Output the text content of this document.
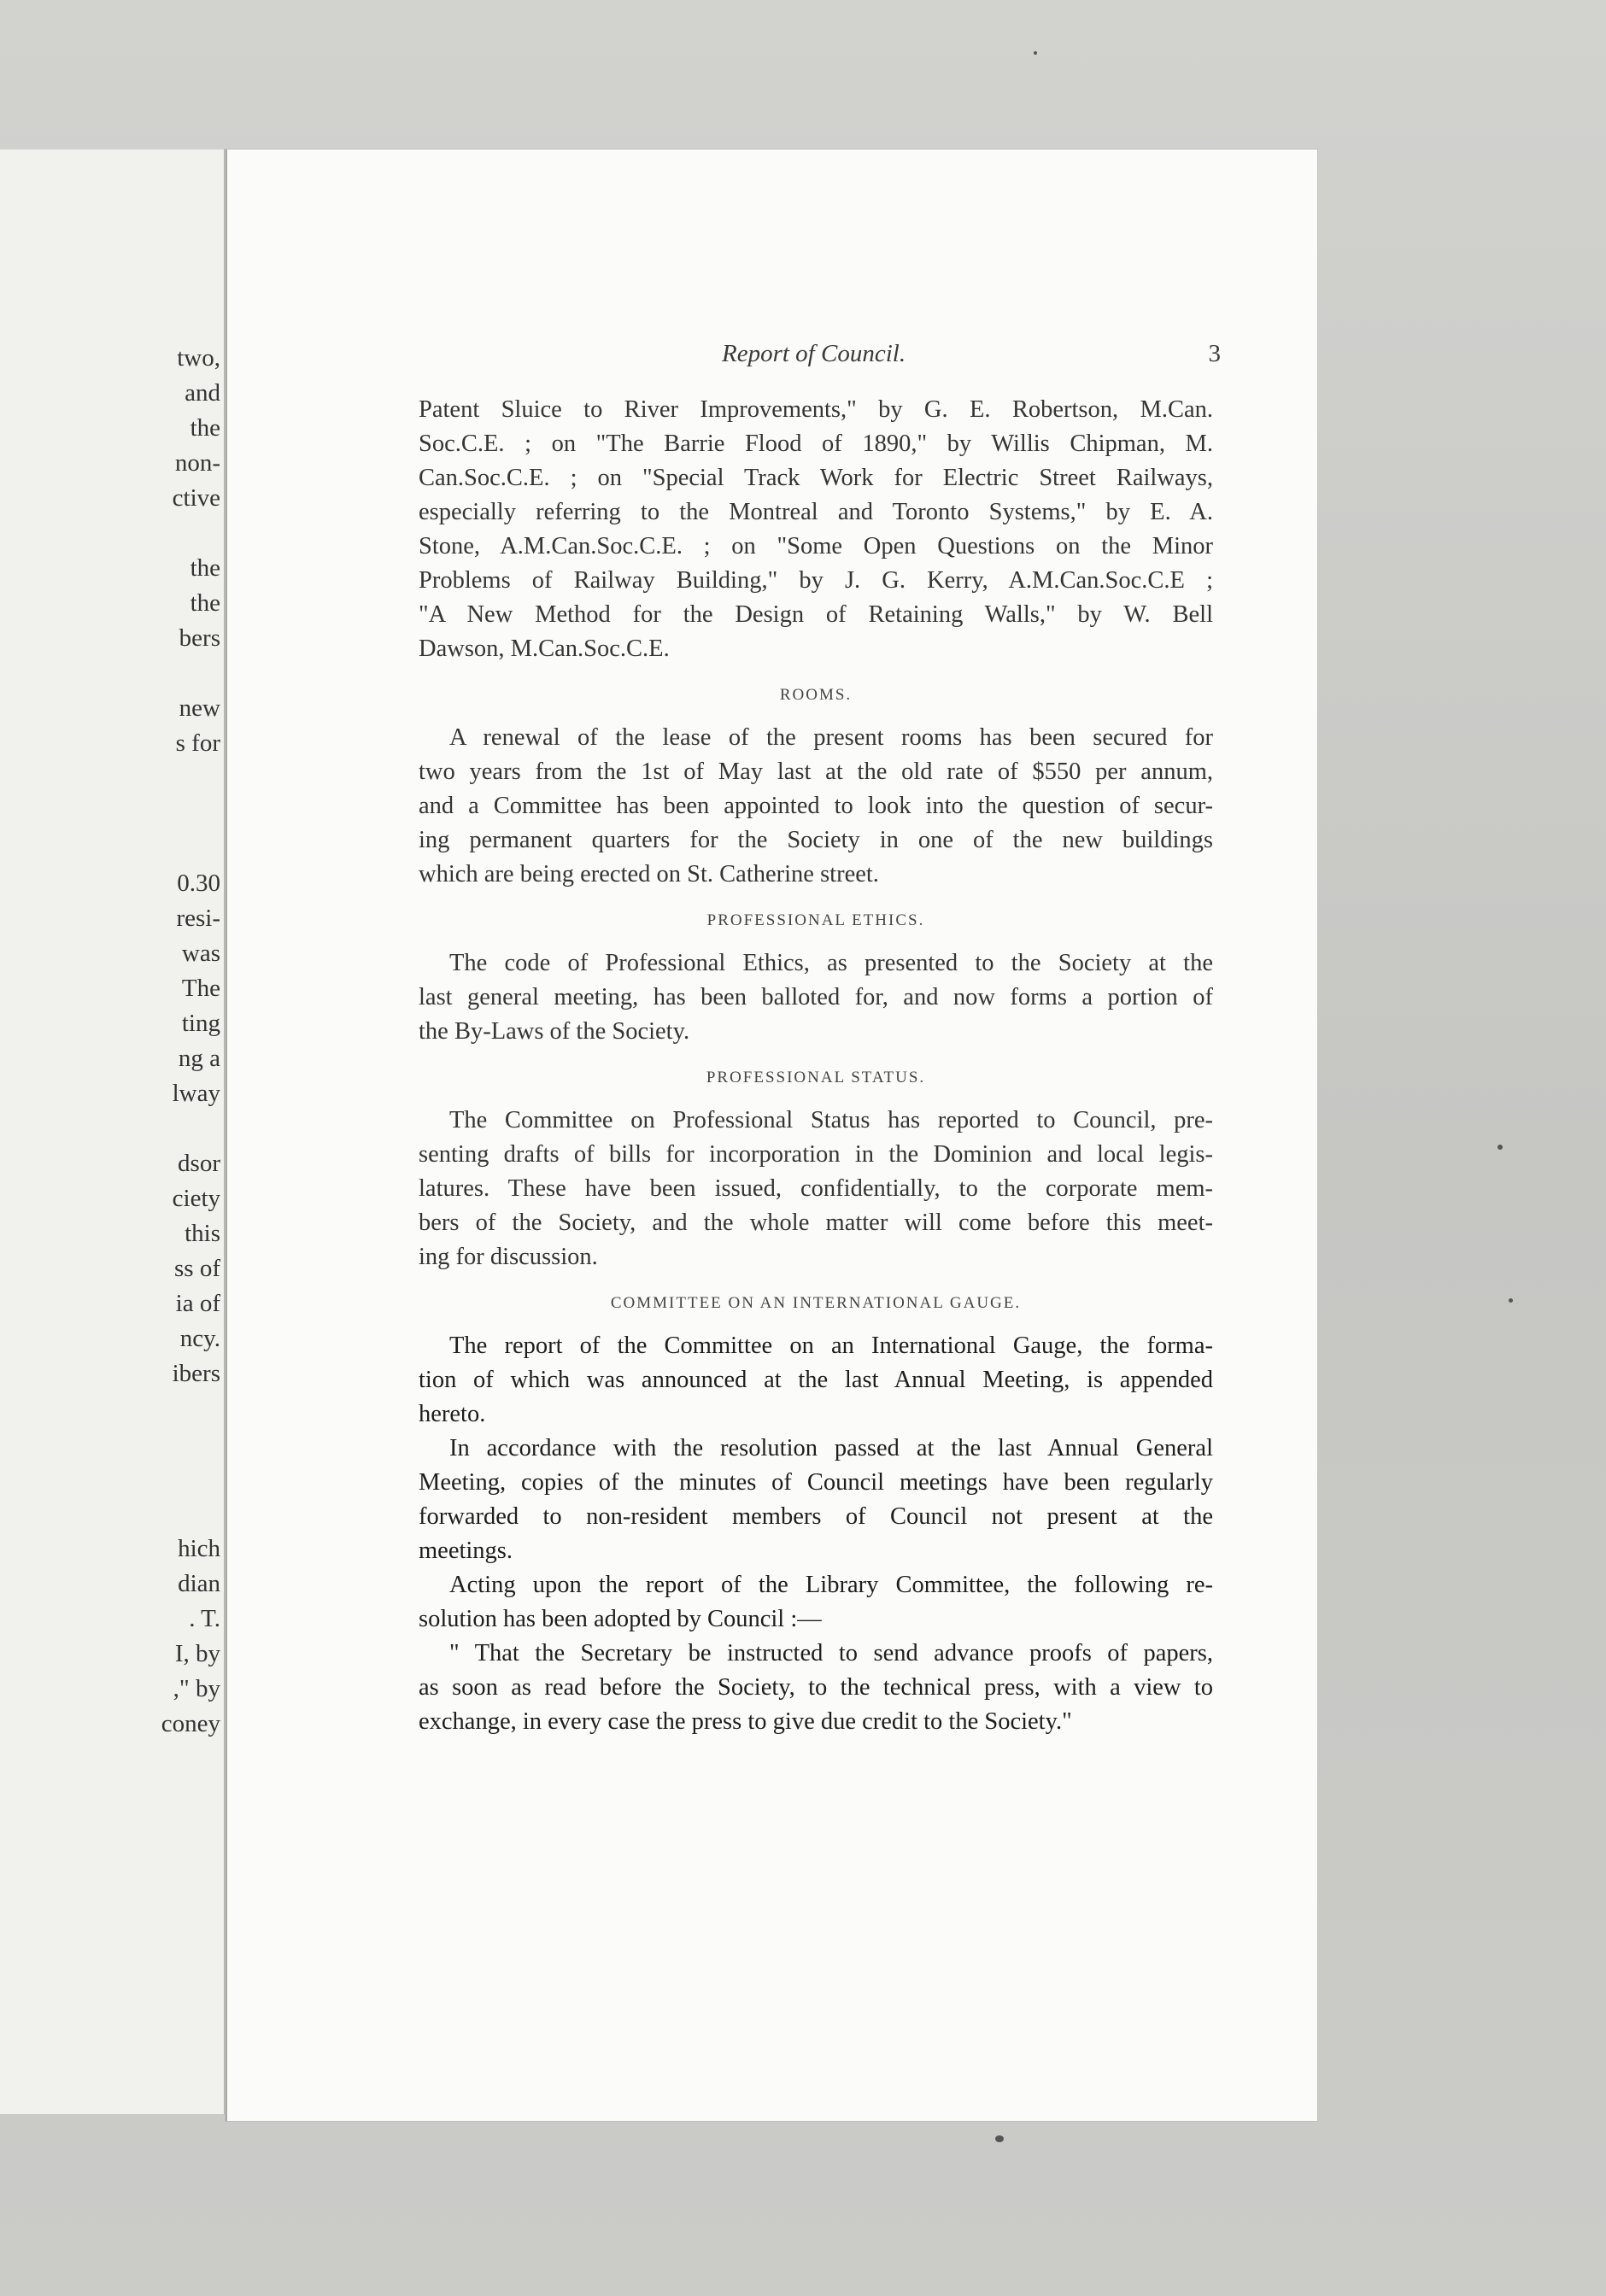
two,
and
the
non-
ctive
the
the
bers
new
s for
0.30
resi-
was
The
ting
ng a
lway
dsor
ciety
this
ss of
ia of
ncy.
ibers
hich
dian
. T.
I, by
," by
coney
Report of Council.	3
Patent Sluice to River Improvements," by G. E. Robertson, M.Can.
Soc.C.E. ; on "The Barrie Flood of 1890," by Willis Chipman, M.
Can.Soc.C.E. ; on "Special Track Work for Electric Street Railways,
especially referring to the Montreal and Toronto Systems," by E. A.
Stone, A.M.Can.Soc.C.E. ; on "Some Open Questions on the Minor
Problems of Railway Building," by J. G. Kerry, A.M.Can.Soc.C.E ;
"A New Method for the Design of Retaining Walls," by W. Bell
Dawson, M.Can.Soc.C.E.
ROOMS.
A renewal of the lease of the present rooms has been secured for
two years from the 1st of May last at the old rate of $550 per annum,
and a Committee has been appointed to look into the question of secur-
ing permanent quarters for the Society in one of the new buildings
which are being erected on St. Catherine street.
PROFESSIONAL ETHICS.
The code of Professional Ethics, as presented to the Society at the
last general meeting, has been balloted for, and now forms a portion of
the By-Laws of the Society.
PROFESSIONAL STATUS.
The Committee on Professional Status has reported to Council, pre-
senting drafts of bills for incorporation in the Dominion and local legis-
latures. These have been issued, confidentially, to the corporate mem-
bers of the Society, and the whole matter will come before this meet-
ing for discussion.
COMMITTEE ON AN INTERNATIONAL GAUGE.
The report of the Committee on an International Gauge, the forma-
tion of which was announced at the last Annual Meeting, is appended
hereto.
In accordance with the resolution passed at the last Annual General
Meeting, copies of the minutes of Council meetings have been regularly
forwarded to non-resident members of Council not present at the
meetings.
Acting upon the report of the Library Committee, the following re-
solution has been adopted by Council :—
" That the Secretary be instructed to send advance proofs of papers,
as soon as read before the Society, to the technical press, with a view to
exchange, in every case the press to give due credit to the Society."
